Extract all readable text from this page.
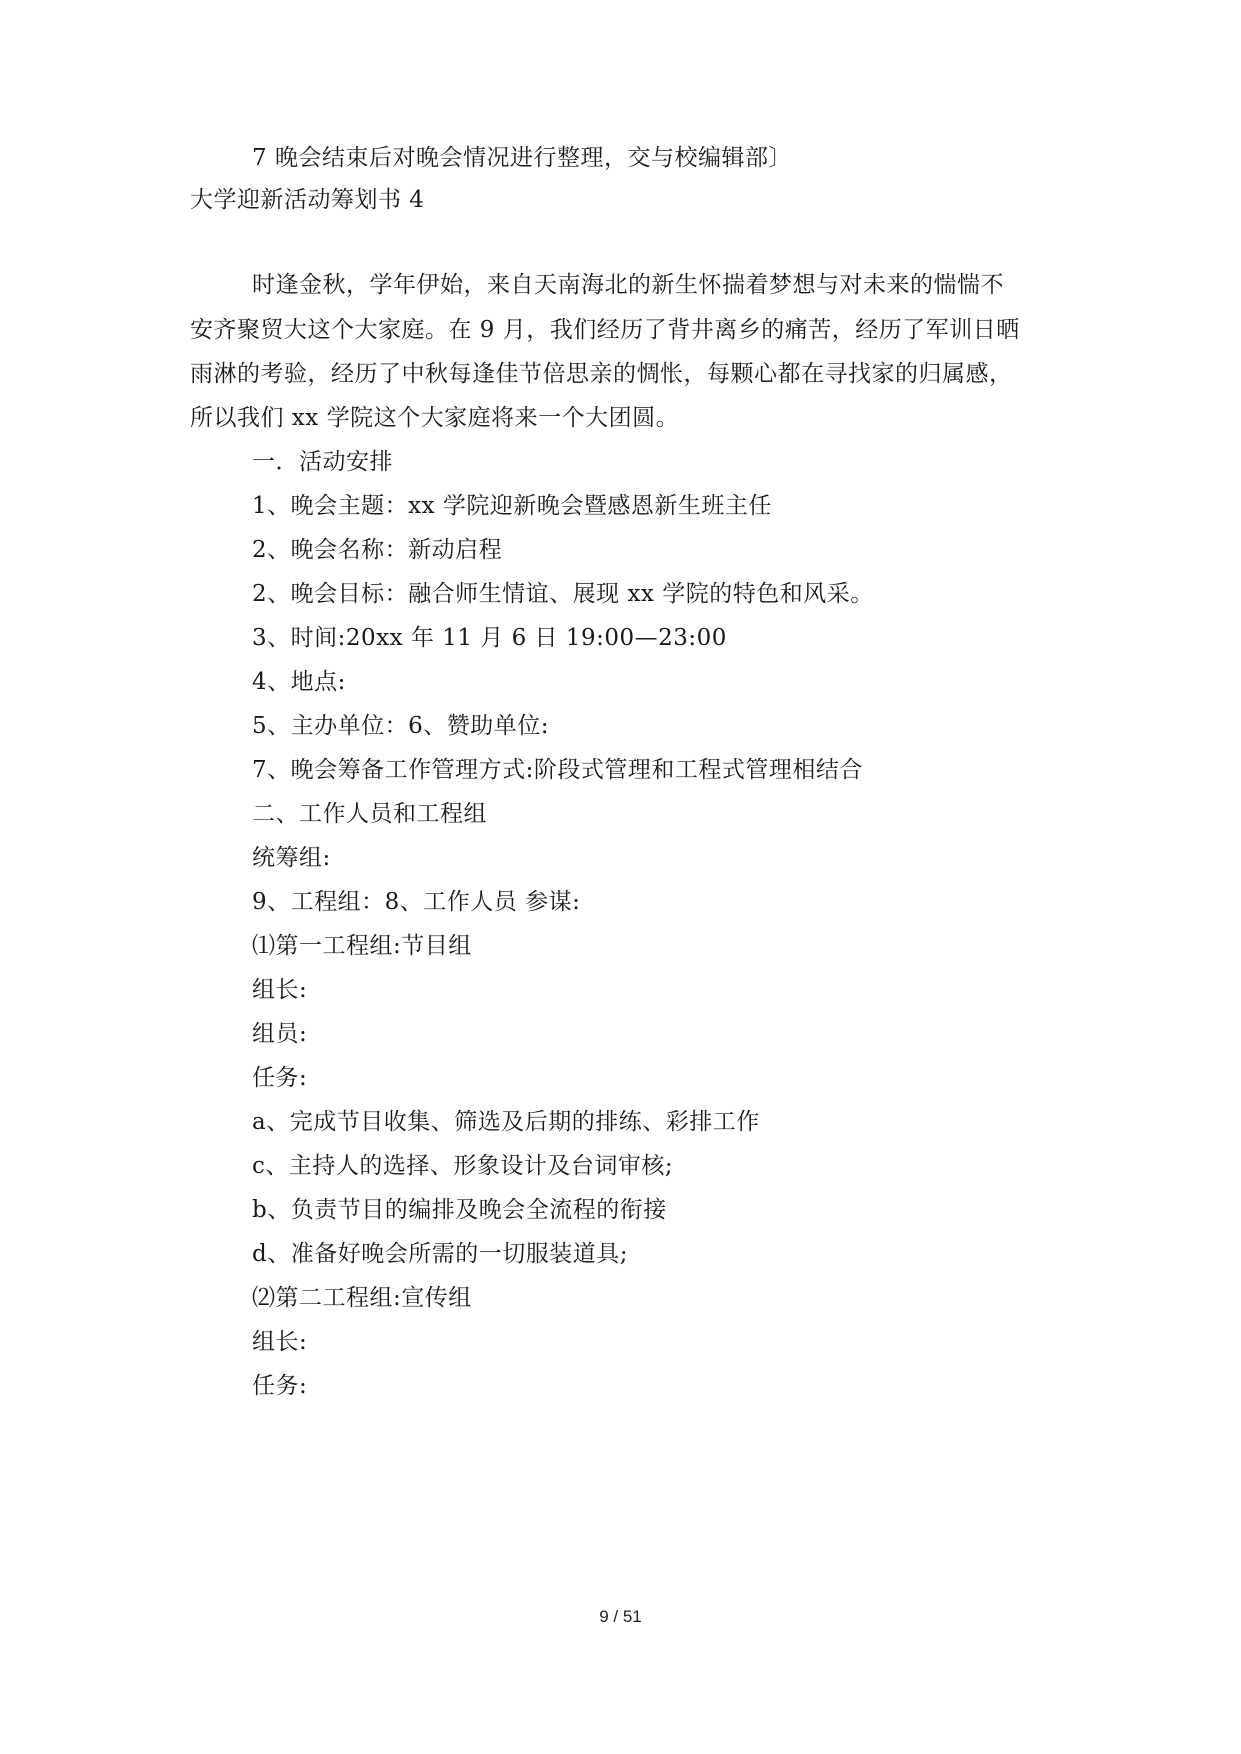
7 晚会结束后对晚会情况进行整理，交与校编辑部〕
大学迎新活动筹划书 4
时逢金秋，学年伊始，来自天南海北的新生怀揣着梦想与对未来的惴惴不
安齐聚贸大这个大家庭。在 9 月，我们经历了背井离乡的痛苦，经历了军训日晒
雨淋的考验，经历了中秋每逢佳节倍思亲的惆怅，每颗心都在寻找家的归属感，
所以我们 xx 学院这个大家庭将来一个大团圆。
一．活动安排
1、晚会主题：xx 学院迎新晚会暨感恩新生班主任
2、晚会名称：新动启程
2、晚会目标：融合师生情谊、展现 xx 学院的特色和风采。
3、时间:20xx 年 11 月 6 日 19:00—23:00
4、地点:
5、主办单位：6、赞助单位:
7、晚会筹备工作管理方式:阶段式管理和工程式管理相结合
二、工作人员和工程组
统筹组:
9、工程组：8、工作人员 参谋:
⑴第一工程组:节目组
组长:
组员:
任务:
a、完成节目收集、筛选及后期的排练、彩排工作
c、主持人的选择、形象设计及台词审核;
b、负责节目的编排及晚会全流程的衔接
d、准备好晚会所需的一切服装道具;
⑵第二工程组:宣传组
组长:
任务:
9 / 51
